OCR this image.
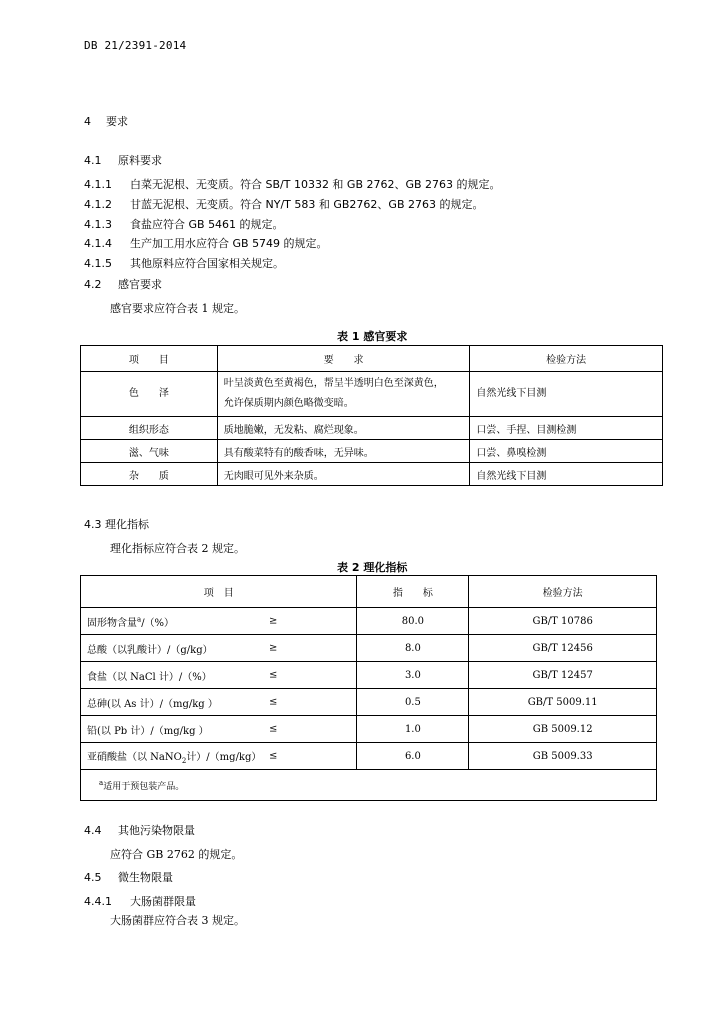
DB 21/2391-2014
4 要求
4.1 原料要求
4.1.1 白菜无泥根、无变质。符合 SB/T 10332 和 GB 2762、GB 2763 的规定。
4.1.2 甘蓝无泥根、无变质。符合 NY/T 583 和 GB2762、GB 2763 的规定。
4.1.3 食盐应符合 GB 5461 的规定。
4.1.4 生产加工用水应符合 GB 5749 的规定。
4.1.5 其他原料应符合国家相关规定。
4.2 感官要求
感官要求应符合表 1 规定。
表 1 感官要求
项　　目	要　　求	检验方法
色　　泽	叶呈淡黄色至黄褐色，帮呈半透明白色至深黄色，
允许保质期内颜色略微变暗。	自然光线下目测
组织形态	质地脆嫩，无发粘、腐烂现象。	口尝、手捏、目测检测
滋、气味	具有酸菜特有的酸香味，无异味。	口尝、鼻嗅检测
杂　　质	无肉眼可见外来杂质。	自然光线下目测
4.3 理化指标
理化指标应符合表 2 规定。
表 2 理化指标
项　目	指　　标	检验方法
固形物含量$^a$/（%） ≥	80.0	GB/T 10786
总酸（以乳酸计）/（g/kg） ≥	8.0	GB/T 12456
食盐（以 NaCl 计）/（%） ≤	3.0	GB/T 12457
总砷(以 As 计）/（mg/kg ） ≤	0.5	GB/T 5009.11
铅(以 Pb 计）/（mg/kg ） ≤	1.0	GB 5009.12
亚硝酸盐（以 NaNO$_2$计）/（mg/kg） ≤	6.0	GB 5009.33
$^a$适用于预包装产品。		
4.4 其他污染物限量
应符合 GB 2762 的规定。
4.5 微生物限量
4.4.1 大肠菌群限量
大肠菌群应符合表 3 规定。
